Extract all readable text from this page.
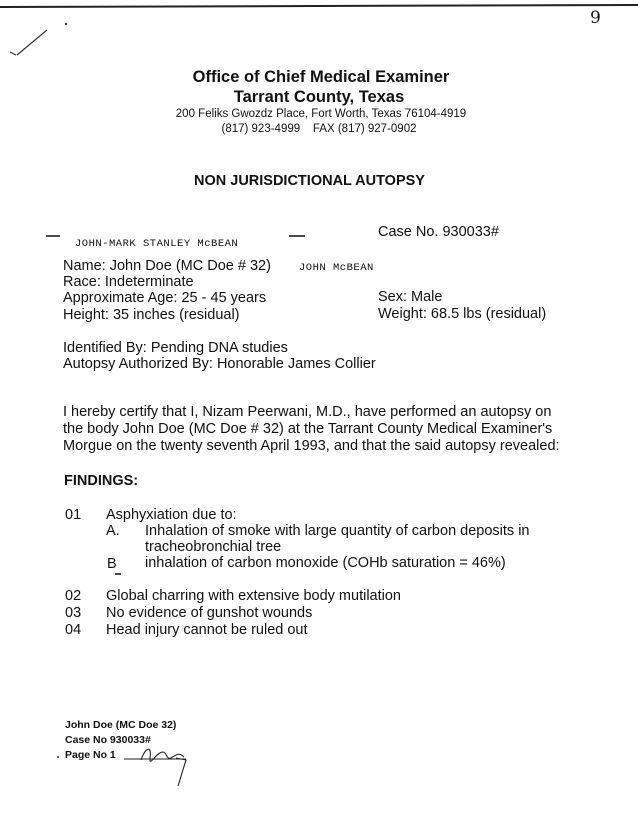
9
Office of Chief Medical Examiner
Tarrant County, Texas
200 Feliks Gwozdz Place, Fort Worth, Texas 76104-4919
(817) 923-4999    FAX (817) 927-0902
NON JURISDICTIONAL AUTOPSY
Case No. 930033#
JOHN-MARK STANLEY McBEAN
Name: John Doe (MC Doe # 32)	JOHN McBEAN
Race: Indeterminate
Approximate Age: 25 - 45 years	Sex: Male
Height: 35 inches (residual)	Weight: 68.5 lbs (residual)
Identified By: Pending DNA studies
Autopsy Authorized By: Honorable James Collier
I hereby certify that I, Nizam Peerwani, M.D., have performed an autopsy on
the body John Doe (MC Doe # 32) at the Tarrant County Medical Examiner's
Morgue on the twenty seventh April 1993, and that the said autopsy revealed:
FINDINGS:
01 Asphyxiation due to:
A. Inhalation of smoke with large quantity of carbon deposits in
tracheobronchial tree
B inhalation of carbon monoxide (COHb saturation = 46%)
02 Global charring with extensive body mutilation
03 No evidence of gunshot wounds
04 Head injury cannot be ruled out
John Doe (MC Doe 32)
Case No 930033#
Page No 1
